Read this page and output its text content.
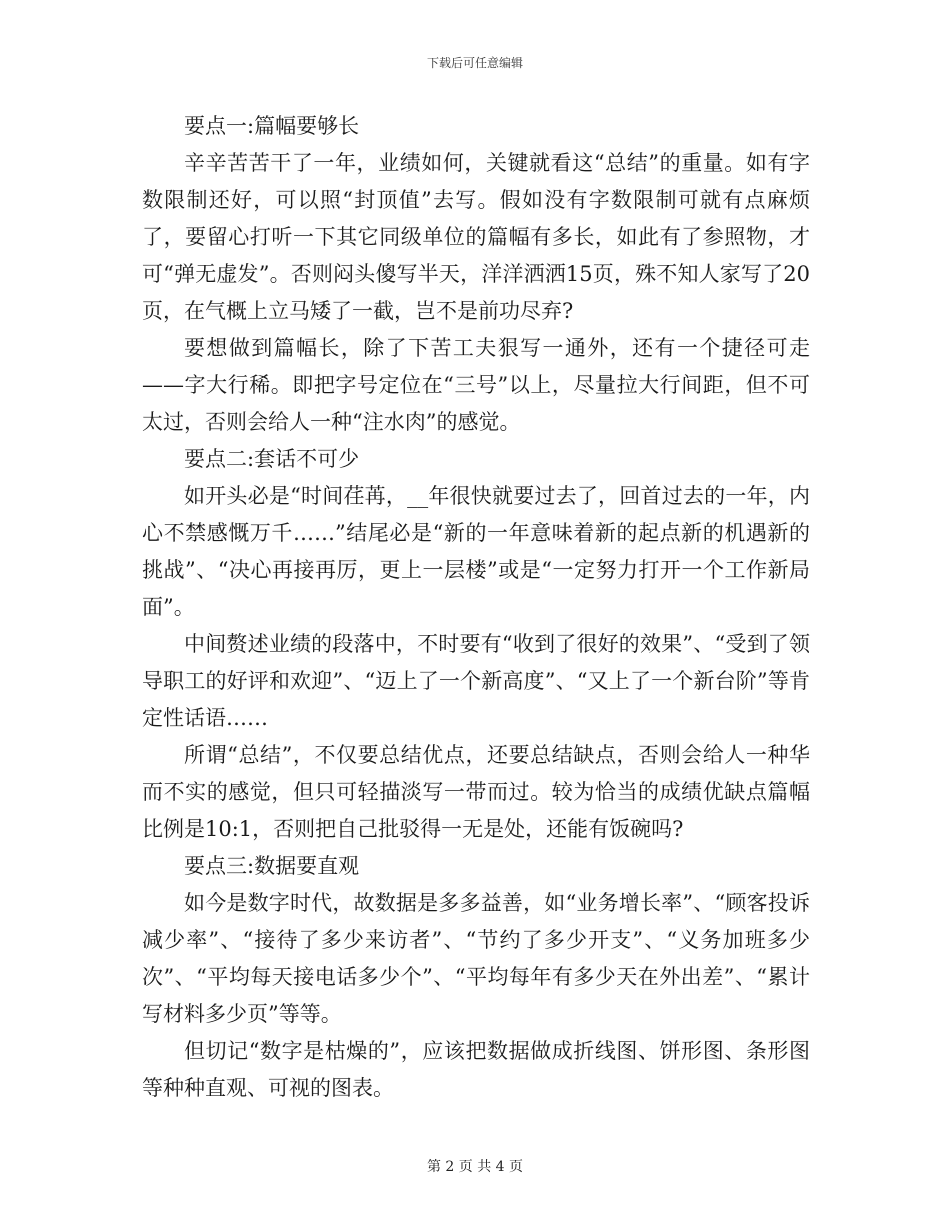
下载后可任意编辑

要点一:篇幅要够长

辛辛苦苦干了一年，业绩如何，关键就看这“总结”的重量。如有字数限制还好，可以照“封顶值”去写。假如没有字数限制可就有点麻烦了，要留心打听一下其它同级单位的篇幅有多长，如此有了参照物，才可“弹无虚发”。否则闷头傻写半天，洋洋洒洒15页，殊不知人家写了20页，在气概上立马矮了一截，岂不是前功尽弃?

要想做到篇幅长，除了下苦工夫狠写一通外，还有一个捷径可走——字大行稀。即把字号定位在“三号”以上，尽量拉大行间距，但不可太过，否则会给人一种“注水肉”的感觉。

要点二:套话不可少

如开头必是“时间荏苒，__年很快就要过去了，回首过去的一年，内心不禁感慨万千……”结尾必是“新的一年意味着新的起点新的机遇新的挑战”、“决心再接再厉，更上一层楼”或是“一定努力打开一个工作新局面”。

中间赘述业绩的段落中，不时要有“收到了很好的效果”、“受到了领导职工的好评和欢迎”、“迈上了一个新高度”、“又上了一个新台阶”等肯定性话语……

所谓“总结”，不仅要总结优点，还要总结缺点，否则会给人一种华而不实的感觉，但只可轻描淡写一带而过。较为恰当的成绩优缺点篇幅比例是10:1，否则把自己批驳得一无是处，还能有饭碗吗?

要点三:数据要直观

如今是数字时代，故数据是多多益善，如“业务增长率”、“顾客投诉减少率”、“接待了多少来访者”、“节约了多少开支”、“义务加班多少次”、“平均每天接电话多少个”、“平均每年有多少天在外出差”、“累计写材料多少页”等等。

但切记“数字是枯燥的”，应该把数据做成折线图、饼形图、条形图等种种直观、可视的图表。

第 2 页 共 4 页
